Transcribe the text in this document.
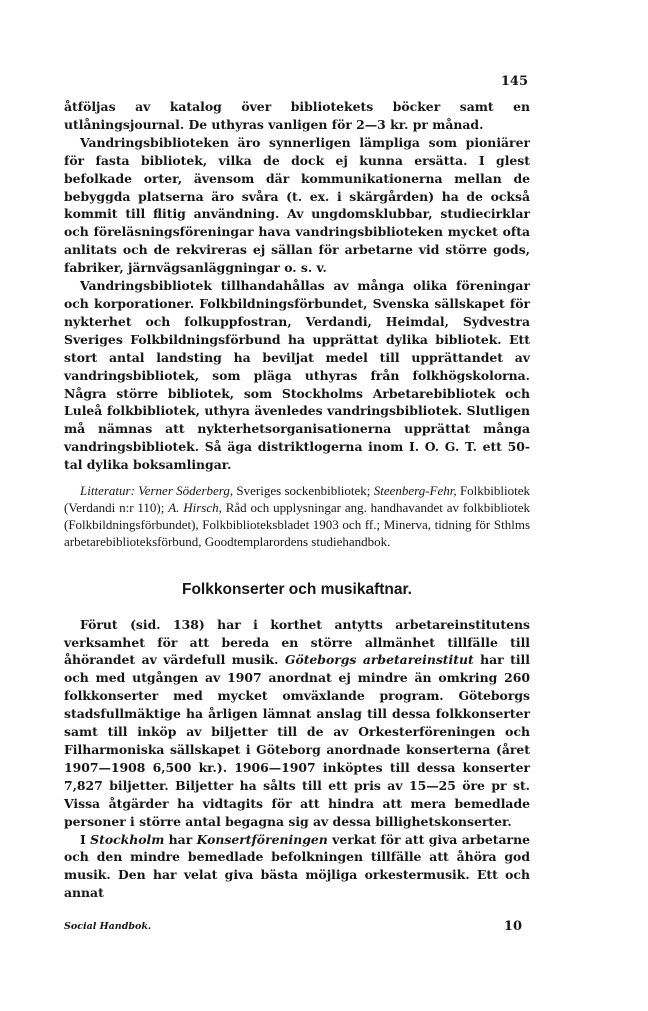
145

åtföljas av katalog över bibliotekets böcker samt en utlåningsjournal. De uthyras vanligen för 2—3 kr. pr månad.

Vandringsbiblioteken äro synnerligen lämpliga som pioniärer för fasta bibliotek, vilka de dock ej kunna ersätta. I glest befolkade orter, ävensom där kommunikationerna mellan de bebyggda platserna äro svåra (t. ex. i skärgården) ha de också kommit till flitig användning. Av ungdomsklubbar, studiecirklar och föreläsningsföreningar hava vandringsbiblioteken mycket ofta anlitats och de rekvireras ej sällan för arbetarne vid större gods, fabriker, järnvägsanläggningar o. s. v.

Vandringsbibliotek tillhandahållas av många olika föreningar och korporationer. Folkbildningsförbundet, Svenska sällskapet för nykterhet och folkuppfostran, Verdandi, Heimdal, Sydvestra Sveriges Folkbildningsförbund ha upprättat dylika bibliotek. Ett stort antal landsting ha beviljat medel till upprättandet av vandringsbibliotek, som pläga uthyras från folkhögskolorna. Några större bibliotek, som Stockholms Arbetarebibliotek och Luleå folkbibliotek, uthyra ävenledes vandringsbibliotek. Slutligen må nämnas att nykterhetsorganisationerna upprättat många vandringsbibliotek. Så äga distriktlogerna inom I. O. G. T. ett 50-tal dylika boksamlingar.

Litteratur: Verner Söderberg, Sveriges sockenbibliotek; Steenberg-Fehr, Folkbibliotek (Verdandi n:r 110); A. Hirsch, Råd och upplysningar ang. handhavandet av folkbibliotek (Folkbildningsförbundet), Folkbiblioteksbladet 1903 och ff.; Minerva, tidning för Sthlms arbetarebiblioteksförbund, Goodtemplarordens studiehandbok.

Folkkonserter och musikaftnar.

Förut (sid. 138) har i korthet antytts arbetareinstitutens verksamhet för att bereda en större allmänhet tillfälle till åhörandet av värdefull musik. Göteborgs arbetareinstitut har till och med utgången av 1907 anordnat ej mindre än omkring 260 folkkonserter med mycket omväxlande program. Göteborgs stadsfullmäktige ha årligen lämnat anslag till dessa folkkonserter samt till inköp av biljetter till de av Orkesterföreningen och Filharmoniska sällskapet i Göteborg anordnade konserterna (året 1907—1908 6,500 kr.). 1906—1907 inköptes till dessa konserter 7,827 biljetter. Biljetter ha sålts till ett pris av 15—25 öre pr st. Vissa åtgärder ha vidtagits för att hindra att mera bemedlade personer i större antal begagna sig av dessa billighetskonserter.

I Stockholm har Konsertföreningen verkat för att giva arbetarne och den mindre bemedlade befolkningen tillfälle att åhöra god musik. Den har velat giva bästa möjliga orkestermusik. Ett och annat

Social Handbok.	10
